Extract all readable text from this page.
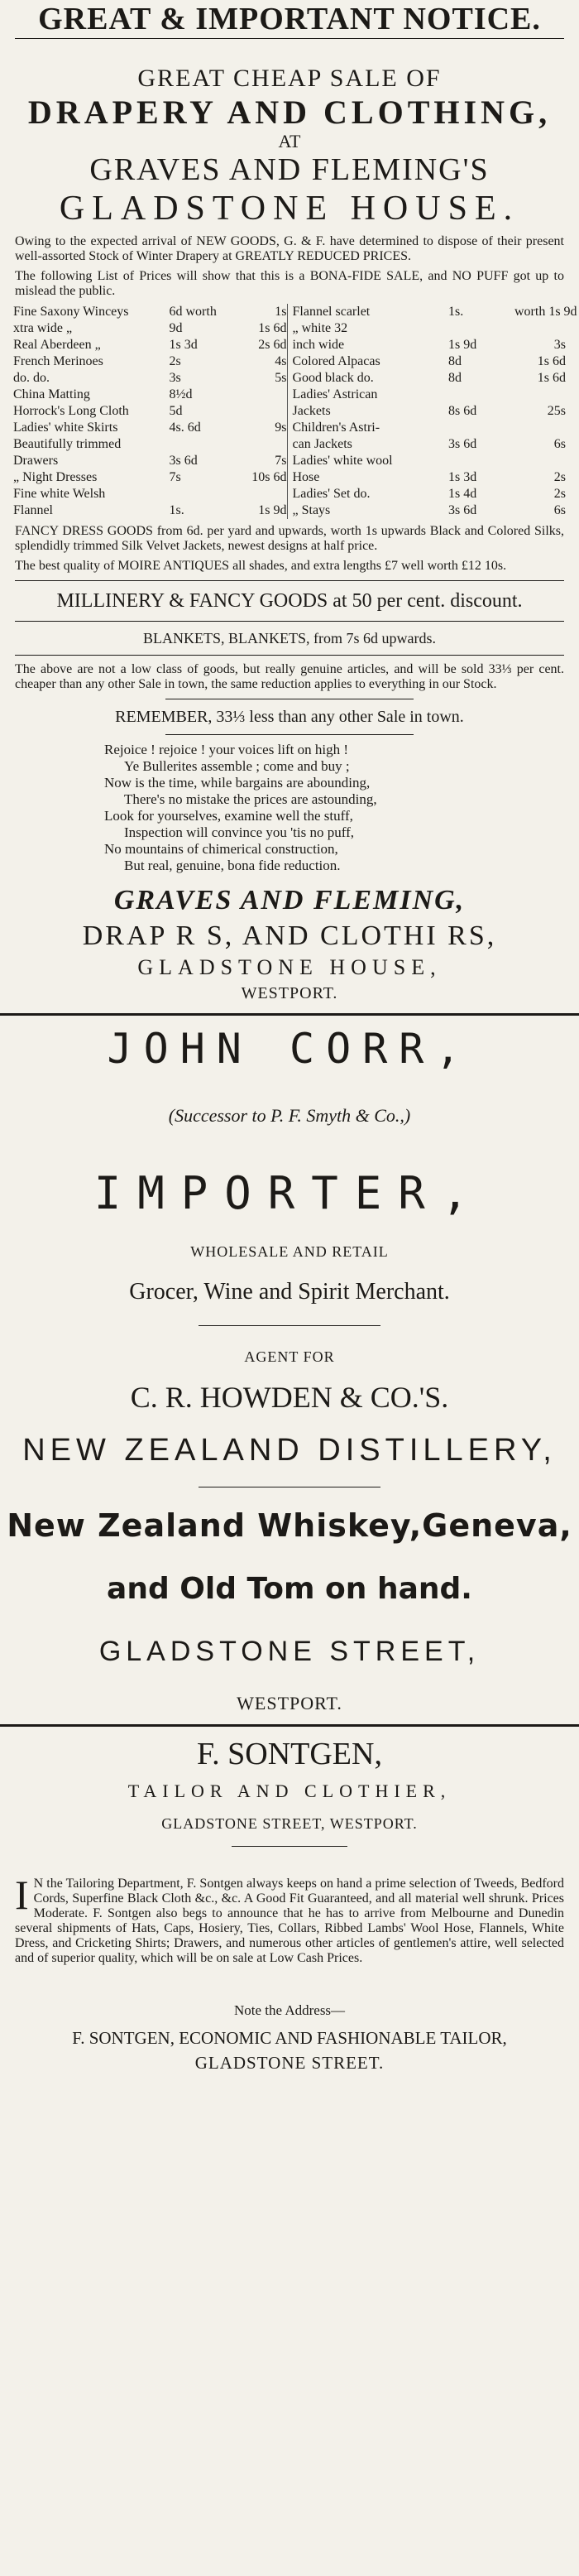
GREAT & IMPORTANT NOTICE.

GREAT CHEAP SALE OF

DRAPERY AND CLOTHING,

AT

GRAVES AND FLEMING'S

GLADSTONE HOUSE.

Owing to the expected arrival of NEW GOODS, G. & F. have determined to dispose of their present well-assorted Stock of Winter Drapery at GREATLY REDUCED PRICES.

The following List of Prices will show that this is a BONA-FIDE SALE, and NO PUFF got up to mislead the public.

Fine Saxony Winceys	6d worth	1s
xtra wide „	9d	1s 6d
Real Aberdeen „	1s 3d	2s 6d
French Merinoes	2s	4s
do. do.	3s	5s
China Matting	8½d
Horrock's Long Cloth	5d
Ladies' white Skirts	4s. 6d	9s
Beautifully trimmed
Drawers	3s 6d	7s
„ Night Dresses	7s	10s 6d
Fine white Welsh
Flannel	1s.	1s 9d
Flannel scarlet	1s.	worth 1s 9d
„ white 32
inch wide	1s 9d	3s
Colored Alpacas	8d	1s 6d
Good black do.	8d	1s 6d
Ladies' Astrican
Jackets	8s 6d	25s
Children's Astri-
can Jackets	3s 6d	6s
Ladies' white wool
Hose	1s 3d	2s
Ladies' Set do.	1s 4d	2s
„ Stays	3s 6d	6s

FANCY DRESS GOODS from 6d. per yard and upwards, worth 1s upwards Black and Colored Silks, splendidly trimmed Silk Velvet Jackets, newest designs at half price.

The best quality of MOIRE ANTIQUES all shades, and extra lengths £7 well worth £12 10s.

MILLINERY & FANCY GOODS at 50 per cent. discount.

BLANKETS, BLANKETS, from 7s 6d upwards.

The above are not a low class of goods, but really genuine articles, and will be sold 33⅓ per cent. cheaper than any other Sale in town, the same reduction applies to everything in our Stock.

REMEMBER, 33⅓ less than any other Sale in town.

Rejoice ! rejoice ! your voices lift on high !

Ye Bullerites assemble ; come and buy ;

Now is the time, while bargains are abounding,

There's no mistake the prices are astounding,

Look for yourselves, examine well the stuff,

Inspection will convince you 'tis no puff,

No mountains of chimerical construction,

But real, genuine, bona fide reduction.

GRAVES AND FLEMING,

DRAP R S, AND CLOTHI RS,

GLADSTONE HOUSE,

WESTPORT.

JOHN CORR,

(Successor to P. F. Smyth & Co.,)

IMPORTER,

WHOLESALE AND RETAIL

Grocer, Wine and Spirit Merchant.

AGENT FOR

C. R. HOWDEN & CO.'S.

NEW ZEALAND DISTILLERY,

New Zealand Whiskey,Geneva,

and Old Tom on hand.

GLADSTONE STREET,

WESTPORT.

F. SONTGEN,

TAILOR AND CLOTHIER,

GLADSTONE STREET, WESTPORT.

I N the Tailoring Department, F. Sontgen always keeps on hand a prime selection of Tweeds, Bedford Cords, Superfine Black Cloth &c., &c. A Good Fit Guaranteed, and all material well shrunk. Prices Moderate. F. Sontgen also begs to announce that he has to arrive from Melbourne and Dunedin several shipments of Hats, Caps, Hosiery, Ties, Collars, Ribbed Lambs' Wool Hose, Flannels, White Dress, and Cricketing Shirts; Drawers, and numerous other articles of gentlemen's attire, well selected and of superior quality, which will be on sale at Low Cash Prices.

Note the Address—

F. SONTGEN, ECONOMIC AND FASHIONABLE TAILOR,

GLADSTONE STREET.
